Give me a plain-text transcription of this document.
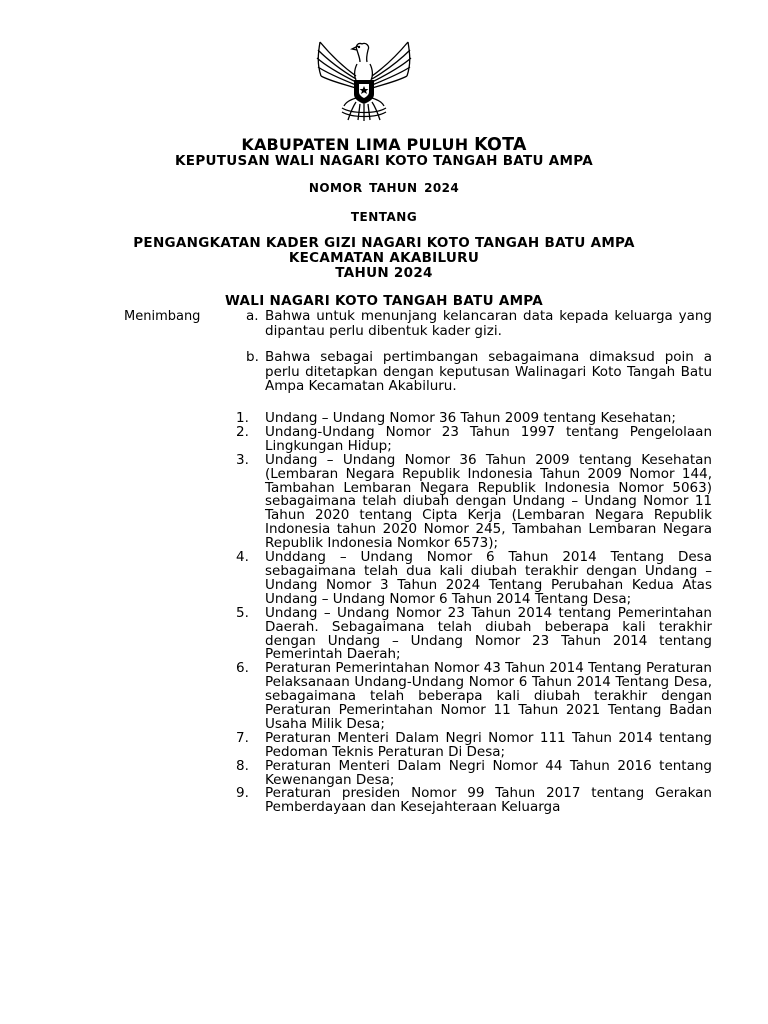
KABUPATEN LIMA PULUH KOTA

KEPUTUSAN WALI NAGARI KOTO TANGAH BATU AMPA

NOMOR TAHUN 2024

TENTANG

PENGANGKATAN KADER GIZI NAGARI KOTO TANGAH BATU AMPA
KECAMATAN AKABILURU
TAHUN 2024

WALI NAGARI KOTO TANGAH BATU AMPA

Menimbang	a. Bahwa untuk menunjang kelancaran data kepada keluarga yang dipantau perlu dibentuk kader gizi.
b. Bahwa sebagai pertimbangan sebagaimana dimaksud poin a perlu ditetapkan dengan keputusan Walinagari Koto Tangah Batu Ampa Kecamatan Akabiluru.
1. Undang – Undang Nomor 36 Tahun 2009 tentang Kesehatan;
2. Undang-Undang Nomor 23 Tahun 1997 tentang Pengelolaan Lingkungan Hidup;
3. Undang – Undang Nomor 36 Tahun 2009 tentang Kesehatan (Lembaran Negara Republik Indonesia Tahun 2009 Nomor 144, Tambahan Lembaran Negara Republik Indonesia Nomor 5063) sebagaimana telah diubah dengan Undang – Undang Nomor 11 Tahun 2020 tentang Cipta Kerja (Lembaran Negara Republik Indonesia tahun 2020 Nomor 245, Tambahan Lembaran Negara Republik Indonesia Nomkor 6573);
4. Unddang – Undang Nomor 6 Tahun 2014 Tentang Desa sebagaimana telah dua kali diubah terakhir dengan Undang – Undang Nomor 3 Tahun 2024 Tentang Perubahan Kedua Atas Undang – Undang Nomor 6 Tahun 2014 Tentang Desa;
5. Undang – Undang Nomor 23 Tahun 2014 tentang Pemerintahan Daerah. Sebagaimana telah diubah beberapa kali terakhir dengan Undang – Undang Nomor 23 Tahun 2014 tentang Pemerintah Daerah;
6. Peraturan Pemerintahan Nomor 43 Tahun 2014 Tentang Peraturan Pelaksanaan Undang-Undang Nomor 6 Tahun 2014 Tentang Desa, sebagaimana telah beberapa kali diubah terakhir dengan Peraturan Pemerintahan Nomor 11 Tahun 2021 Tentang Badan Usaha Milik Desa;
7. Peraturan Menteri Dalam Negri Nomor 111 Tahun 2014 tentang Pedoman Teknis Peraturan Di Desa;
8. Peraturan Menteri Dalam Negri Nomor 44 Tahun 2016 tentang Kewenangan Desa;
9. Peraturan presiden Nomor 99 Tahun 2017 tentang Gerakan Pemberdayaan dan Kesejahteraan Keluarga
